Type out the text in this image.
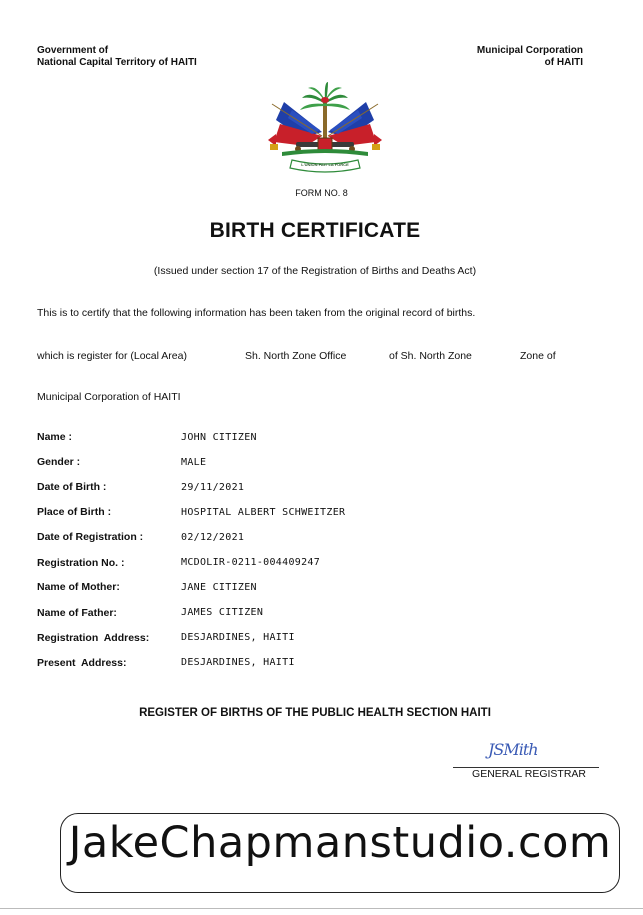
Government of
National Capital Territory of HAITI
Municipal Corporation
of HAITI
L'UNION FAIT LA FORCE
FORM NO. 8
BIRTH CERTIFICATE
(Issued under section 17 of the Registration of Births and Deaths Act)
This is to certify that the following information has been taken from the original record of births.
which is register for (Local Area)	Sh. North Zone Office	of Sh. North Zone	Zone of
Municipal Corporation of HAITI
Name :	JOHN CITIZEN
Gender :	MALE
Date of Birth :	29/11/2021
Place of Birth :	HOSPITAL ALBERT SCHWEITZER
Date of Registration :	02/12/2021
Registration No. :	MCDOLIR-0211-004409247
Name of Mother:	JANE CITIZEN
Name of Father:	JAMES CITIZEN
Registration  Address:	DESJARDINES, HAITI
Present  Address:	DESJARDINES, HAITI
REGISTER OF BIRTHS OF THE PUBLIC HEALTH SECTION HAITI
JSMith
GENERAL REGISTRAR
JakeChapmanstudio.com
